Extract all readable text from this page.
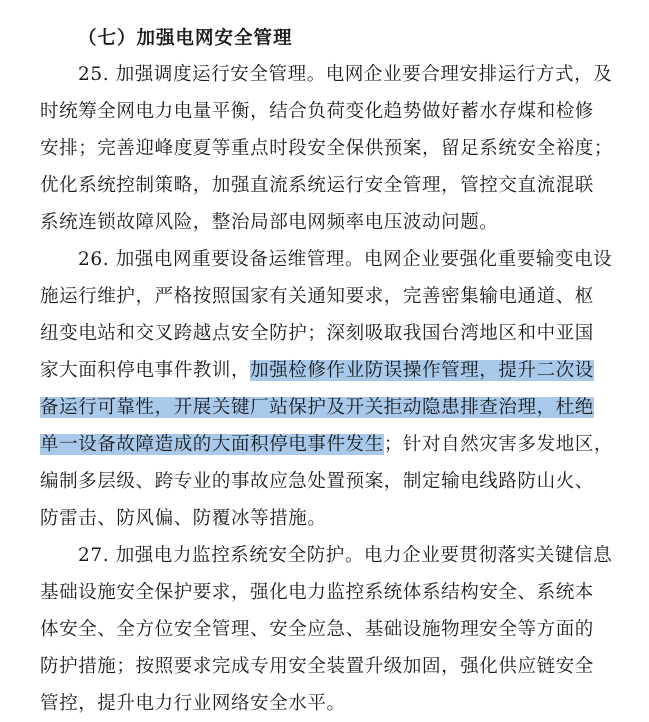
（七）加强电网安全管理
25. 加强调度运行安全管理。电网企业要合理安排运行方式，及
时统筹全网电力电量平衡，结合负荷变化趋势做好蓄水存煤和检修
安排；完善迎峰度夏等重点时段安全保供预案，留足系统安全裕度；
优化系统控制策略，加强直流系统运行安全管理，管控交直流混联
系统连锁故障风险，整治局部电网频率电压波动问题。
26. 加强电网重要设备运维管理。电网企业要强化重要输变电设
施运行维护，严格按照国家有关通知要求，完善密集输电通道、枢
纽变电站和交叉跨越点安全防护；深刻吸取我国台湾地区和中亚国
家大面积停电事件教训，加强检修作业防误操作管理，提升二次设
备运行可靠性，开展关键厂站保护及开关拒动隐患排查治理，杜绝
单一设备故障造成的大面积停电事件发生；针对自然灾害多发地区，
编制多层级、跨专业的事故应急处置预案，制定输电线路防山火、
防雷击、防风偏、防覆冰等措施。
27. 加强电力监控系统安全防护。电力企业要贯彻落实关键信息
基础设施安全保护要求，强化电力监控系统体系结构安全、系统本
体安全、全方位安全管理、安全应急、基础设施物理安全等方面的
防护措施；按照要求完成专用安全装置升级加固，强化供应链安全
管控，提升电力行业网络安全水平。
